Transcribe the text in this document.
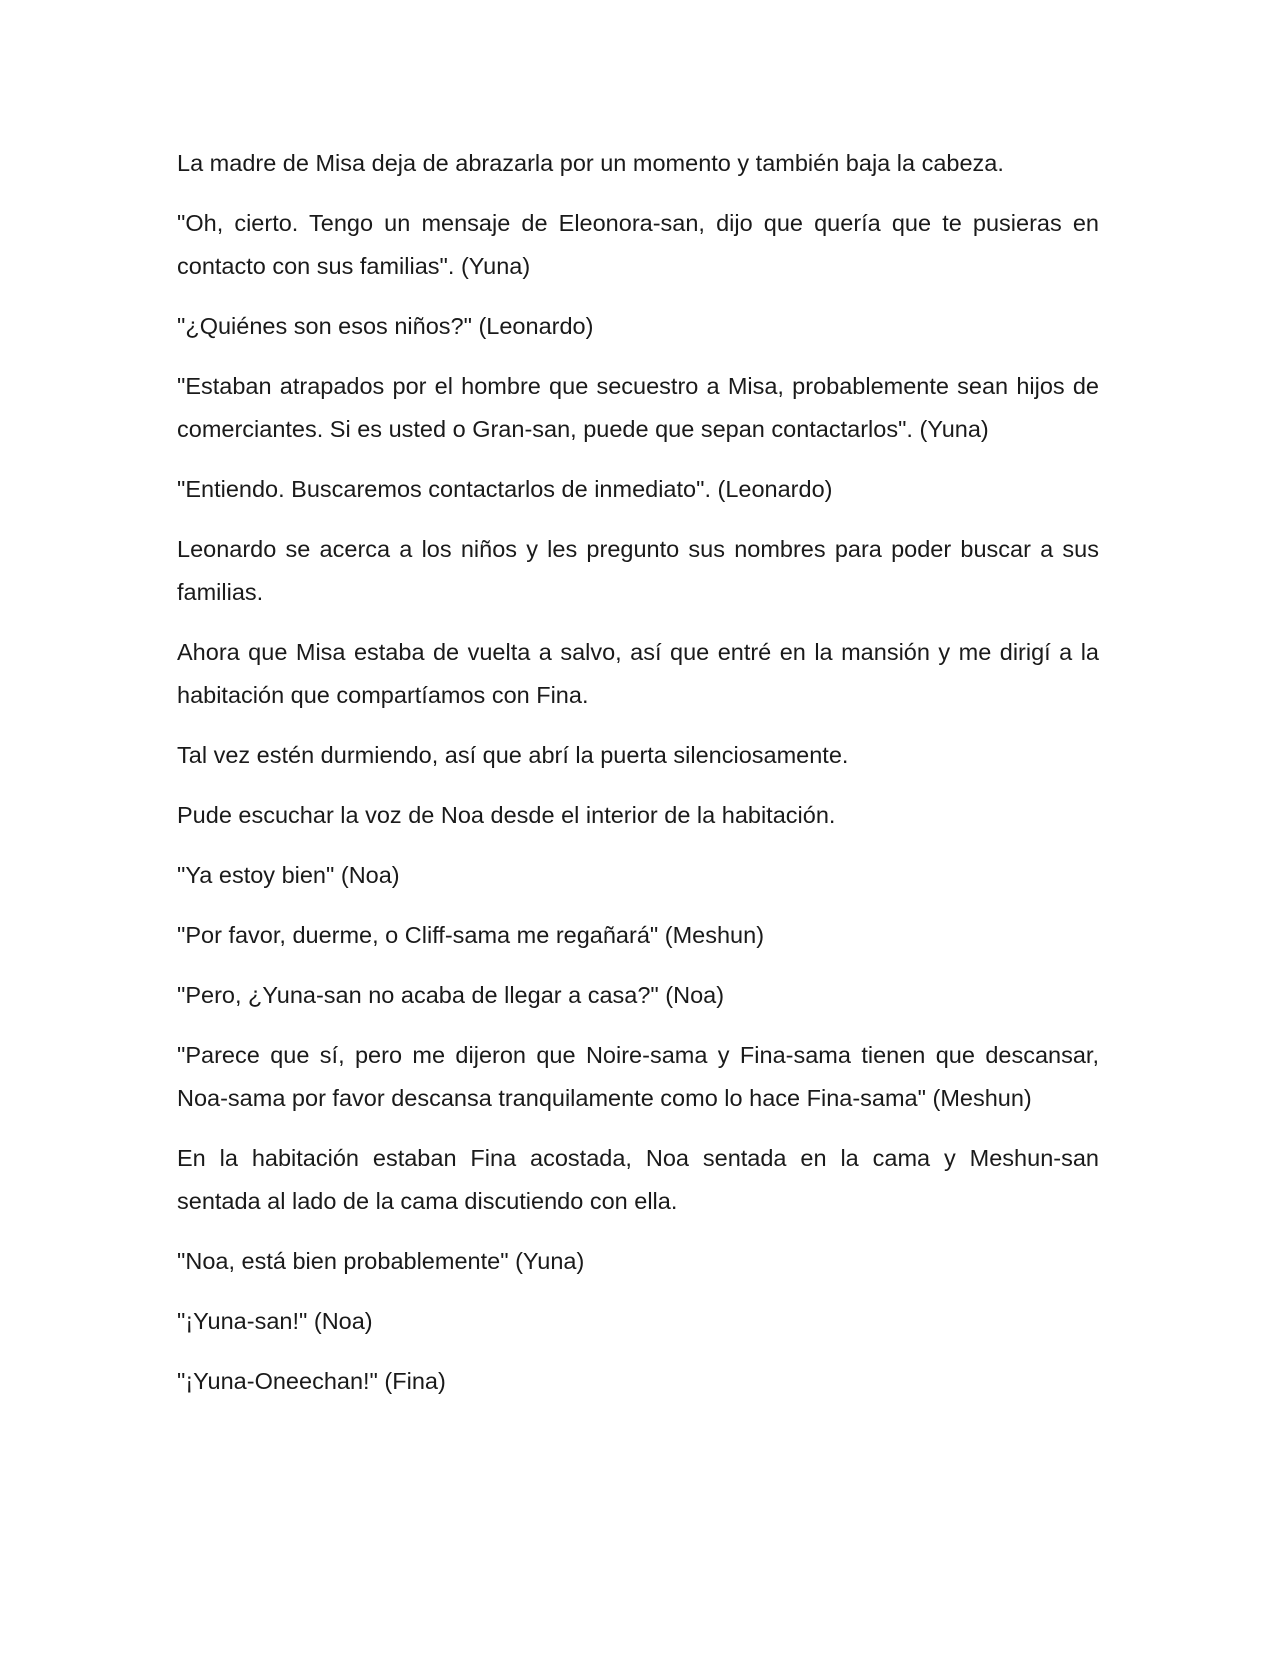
La madre de Misa deja de abrazarla por un momento y también baja la cabeza.

"Oh, cierto. Tengo un mensaje de Eleonora-san, dijo que quería que te pusieras en contacto con sus familias". (Yuna)

"¿Quiénes son esos niños?" (Leonardo)

"Estaban atrapados por el hombre que secuestro a Misa, probablemente sean hijos de comerciantes. Si es usted o Gran-san, puede que sepan contactarlos". (Yuna)

"Entiendo. Buscaremos contactarlos de inmediato". (Leonardo)

Leonardo se acerca a los niños y les pregunto sus nombres para poder buscar a sus familias.

Ahora que Misa estaba de vuelta a salvo, así que entré en la mansión y me dirigí a la habitación que compartíamos con Fina.

Tal vez estén durmiendo, así que abrí la puerta silenciosamente.

Pude escuchar la voz de Noa desde el interior de la habitación.

"Ya estoy bien" (Noa)

"Por favor, duerme, o Cliff-sama me regañará" (Meshun)

"Pero, ¿Yuna-san no acaba de llegar a casa?" (Noa)

"Parece que sí, pero me dijeron que Noire-sama y Fina-sama tienen que descansar, Noa-sama por favor descansa tranquilamente como lo hace Fina-sama" (Meshun)

En la habitación estaban Fina acostada, Noa sentada en la cama y Meshun-san sentada al lado de la cama discutiendo con ella.

"Noa, está bien probablemente" (Yuna)

"¡Yuna-san!" (Noa)

"¡Yuna-Oneechan!" (Fina)
